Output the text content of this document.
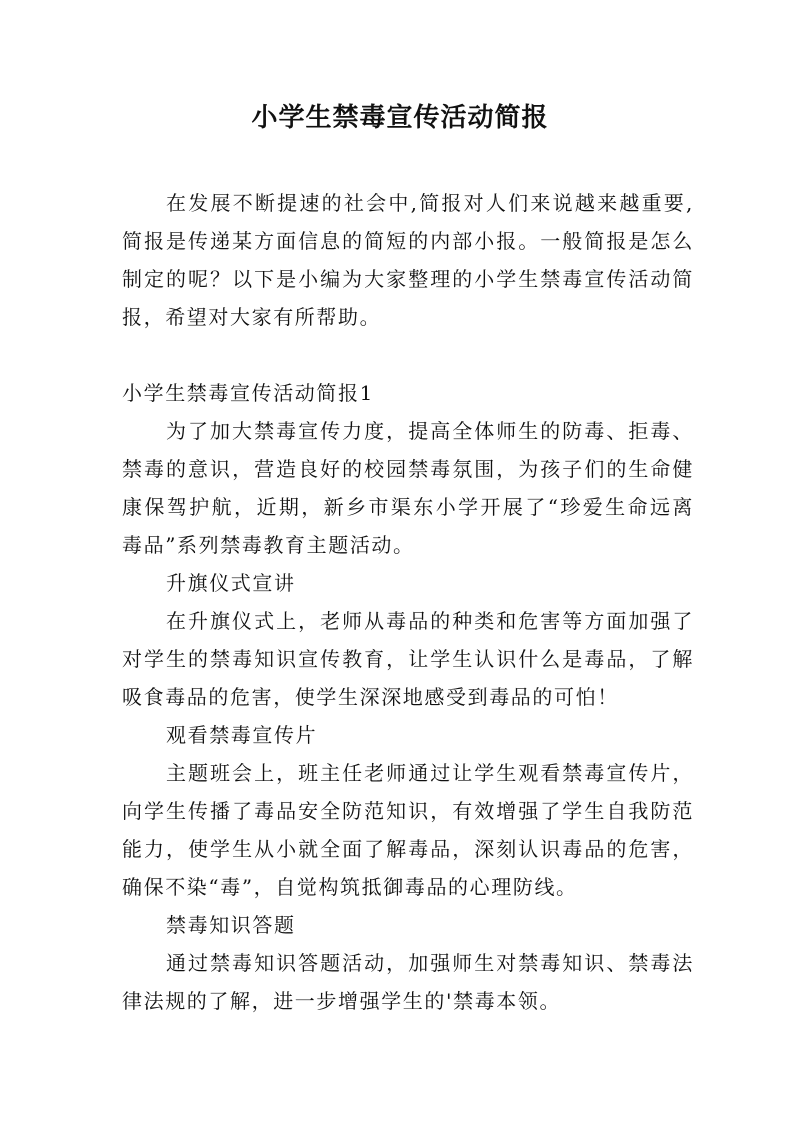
小学生禁毒宣传活动简报

在发展不断提速的社会中,简报对人们来说越来越重要,简报是传递某方面信息的简短的内部小报。一般简报是怎么制定的呢？以下是小编为大家整理的小学生禁毒宣传活动简报，希望对大家有所帮助。

小学生禁毒宣传活动简报1

为了加大禁毒宣传力度，提高全体师生的防毒、拒毒、禁毒的意识，营造良好的校园禁毒氛围，为孩子们的生命健康保驾护航，近期，新乡市渠东小学开展了“珍爱生命远离毒品”系列禁毒教育主题活动。

升旗仪式宣讲

在升旗仪式上，老师从毒品的种类和危害等方面加强了对学生的禁毒知识宣传教育，让学生认识什么是毒品，了解吸食毒品的危害，使学生深深地感受到毒品的可怕！

观看禁毒宣传片

主题班会上，班主任老师通过让学生观看禁毒宣传片，向学生传播了毒品安全防范知识，有效增强了学生自我防范能力，使学生从小就全面了解毒品，深刻认识毒品的危害，确保不染“毒”，自觉构筑抵御毒品的心理防线。

禁毒知识答题

通过禁毒知识答题活动，加强师生对禁毒知识、禁毒法律法规的了解，进一步增强学生的'禁毒本领。
